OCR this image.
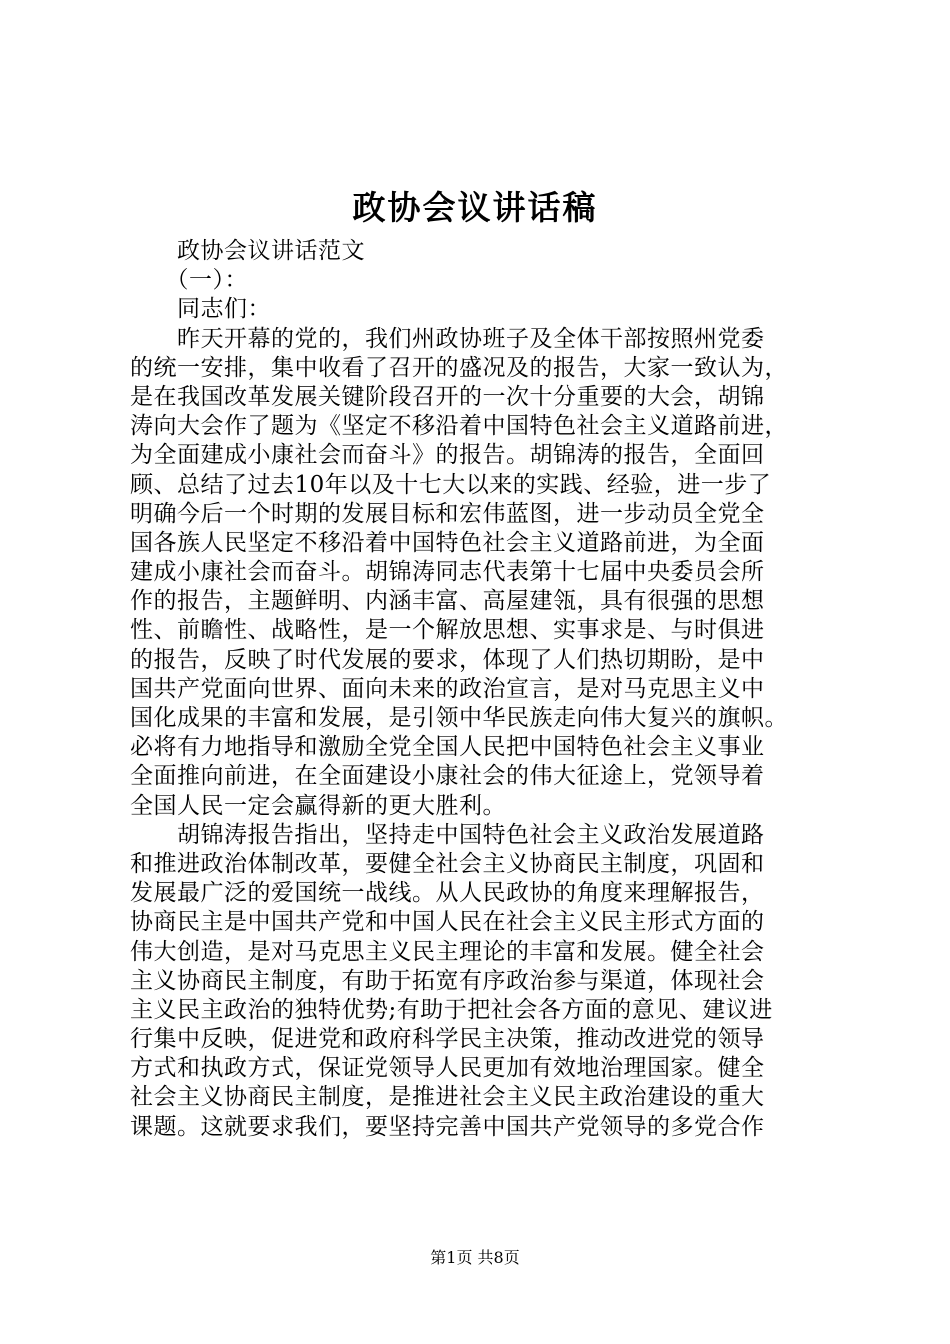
政协会议讲话稿
　　政协会议讲话范文
　　（一）：
　　同志们：
　　昨天开幕的党的，我们州政协班子及全体干部按照州党委
的统一安排，集中收看了召开的盛况及的报告，大家一致认为，
是在我国改革发展关键阶段召开的一次十分重要的大会，胡锦
涛向大会作了题为《坚定不移沿着中国特色社会主义道路前进，
为全面建成小康社会而奋斗》的报告。胡锦涛的报告，全面回
顾、总结了过去10年以及十七大以来的实践、经验，进一步了
明确今后一个时期的发展目标和宏伟蓝图，进一步动员全党全
国各族人民坚定不移沿着中国特色社会主义道路前进，为全面
建成小康社会而奋斗。胡锦涛同志代表第十七届中央委员会所
作的报告，主题鲜明、内涵丰富、高屋建瓴，具有很强的思想
性、前瞻性、战略性，是一个解放思想、实事求是、与时俱进
的报告，反映了时代发展的要求，体现了人们热切期盼，是中
国共产党面向世界、面向未来的政治宣言，是对马克思主义中
国化成果的丰富和发展，是引领中华民族走向伟大复兴的旗帜。
必将有力地指导和激励全党全国人民把中国特色社会主义事业
全面推向前进，在全面建设小康社会的伟大征途上，党领导着
全国人民一定会赢得新的更大胜利。
　　胡锦涛报告指出，坚持走中国特色社会主义政治发展道路
和推进政治体制改革，要健全社会主义协商民主制度，巩固和
发展最广泛的爱国统一战线。从人民政协的角度来理解报告，
协商民主是中国共产党和中国人民在社会主义民主形式方面的
伟大创造，是对马克思主义民主理论的丰富和发展。健全社会
主义协商民主制度，有助于拓宽有序政治参与渠道，体现社会
主义民主政治的独特优势;有助于把社会各方面的意见、建议进
行集中反映，促进党和政府科学民主决策，推动改进党的领导
方式和执政方式，保证党领导人民更加有效地治理国家。健全
社会主义协商民主制度，是推进社会主义民主政治建设的重大
课题。这就要求我们，要坚持完善中国共产党领导的多党合作
第1页 共8页
